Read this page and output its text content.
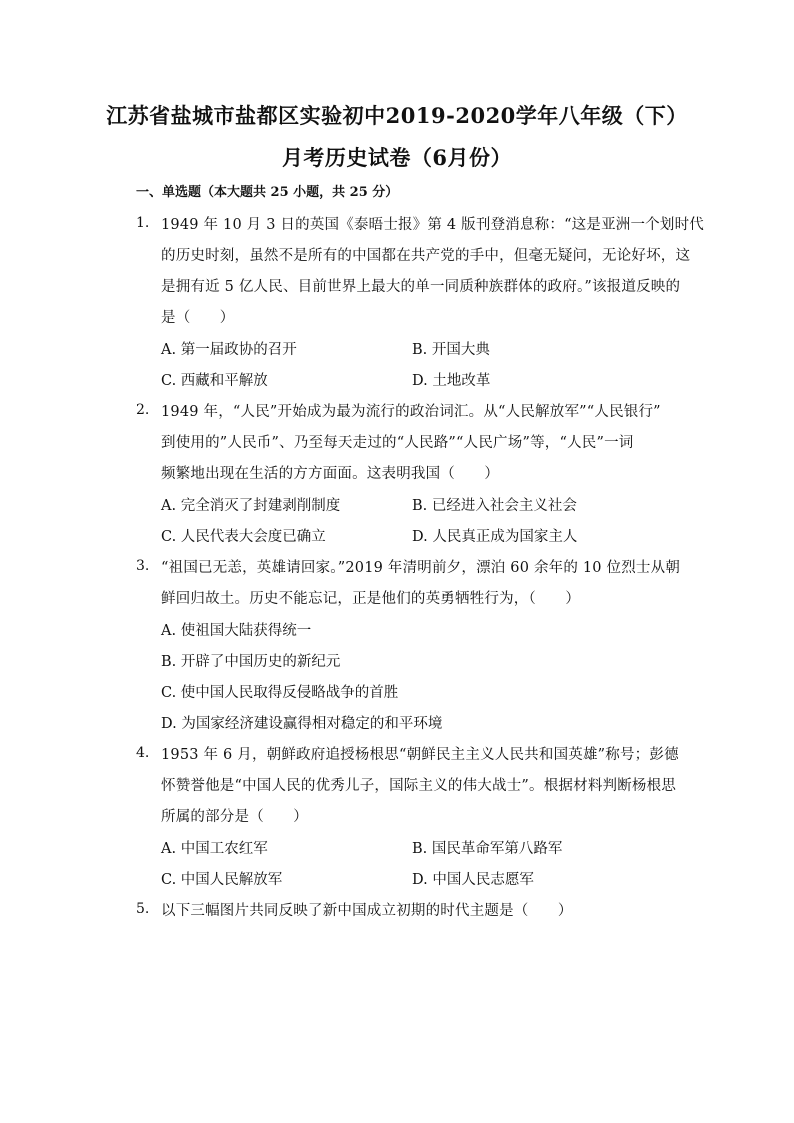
江苏省盐城市盐都区实验初中2019-2020学年八年级（下）
月考历史试卷（6月份）
一、单选题（本大题共 25 小题，共 25 分）
1. 1949 年 10 月 3 日的英国《泰晤士报》第 4 版刊登消息称：“这是亚洲一个划时代
的历史时刻，虽然不是所有的中国都在共产党的手中，但毫无疑问，无论好坏，这
是拥有近 5 亿人民、目前世界上最大的单一同质种族群体的政府。”该报道反映的
是（　　）
A. 第一届政协的召开	B. 开国大典
C. 西藏和平解放	D. 土地改革
2. 1949 年，“人民”开始成为最为流行的政治词汇。从“人民解放军”“人民银行”
到使用的”人民币”、乃至每天走过的“人民路”“人民广场”等，“人民”一词
频繁地出现在生活的方方面面。这表明我国（　　）
A. 完全消灭了封建剥削制度	B. 已经进入社会主义社会
C. 人民代表大会度已确立	D. 人民真正成为国家主人
3. “祖国已无恙，英雄请回家。”2019 年清明前夕，漂泊 60 余年的 10 位烈士从朝
鲜回归故土。历史不能忘记，正是他们的英勇牺牲行为，（　　）
A. 使祖国大陆获得统一
B. 开辟了中国历史的新纪元
C. 使中国人民取得反侵略战争的首胜
D. 为国家经济建设赢得相对稳定的和平环境
4. 1953 年 6 月，朝鲜政府追授杨根思“朝鲜民主主义人民共和国英雄”称号；彭德
怀赞誉他是“中国人民的优秀儿子，国际主义的伟大战士”。根据材料判断杨根思
所属的部分是（　　）
A. 中国工农红军	B. 国民革命军第八路军
C. 中国人民解放军	D. 中国人民志愿军
5. 以下三幅图片共同反映了新中国成立初期的时代主题是（　　）
